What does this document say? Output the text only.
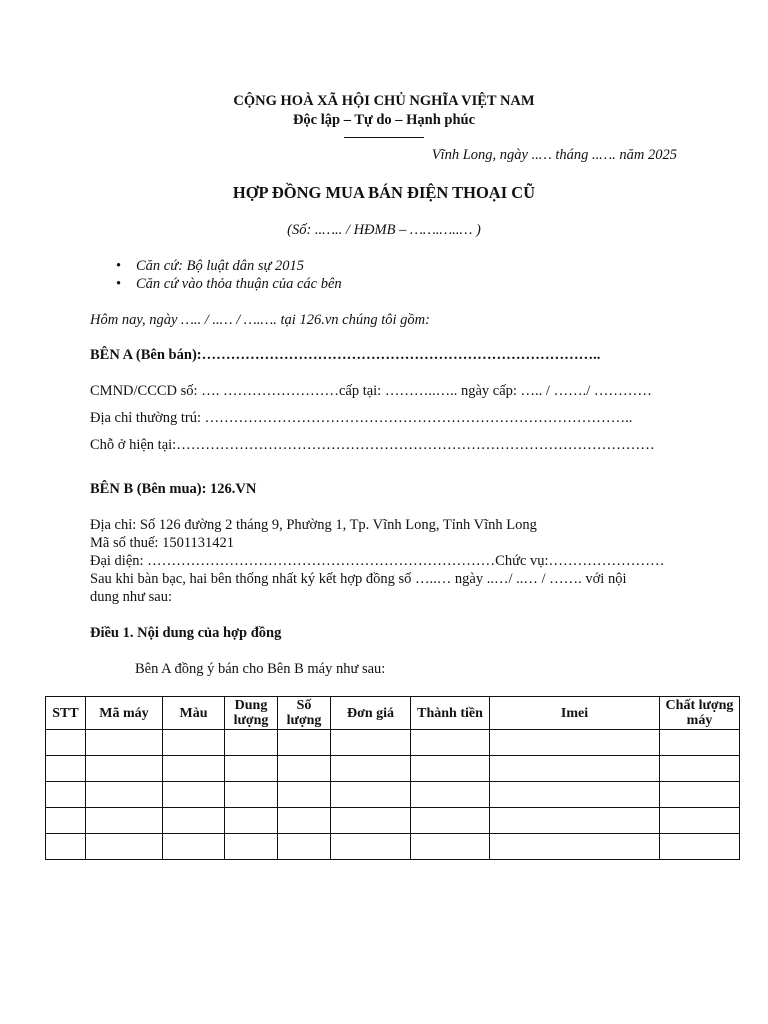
CỘNG HOÀ XÃ HỘI CHỦ NGHĨA VIỆT NAM
Độc lập – Tự do – Hạnh phúc
Vĩnh Long, ngày ..… tháng ..…. năm 2025
HỢP ĐỒNG MUA BÁN ĐIỆN THOẠI CŨ
(Số: ..….. / HĐMB – …….…..… )
• Căn cứ: Bộ luật dân sự 2015
• Căn cứ vào thỏa thuận của các bên
Hôm nay, ngày ….. / ..… / ….…. tại 126.vn chúng tôi gồm:
BÊN A (Bên bán):………………………………………………………………………..
CMND/CCCD số: …. ……………………cấp tại: ………..….. ngày cấp: ….. / ……./ …………
Địa chỉ thường trú: ……………………………………………………………………………..
Chỗ ở hiện tại:………………………………………………………………………………………
BÊN B (Bên mua): 126.VN
Địa chỉ: Số 126 đường 2 tháng 9, Phường 1, Tp. Vĩnh Long, Tỉnh Vĩnh Long
Mã số thuế: 1501131421
Đại diện: ………………………………………………………………Chức vụ:……………………
Sau khi bàn bạc, hai bên thống nhất ký kết hợp đồng số …..… ngày ..…/ ..… / ……. với nội
dung như sau:
Điều 1. Nội dung của hợp đồng
Bên A đồng ý bán cho Bên B máy như sau:
STT	Mã máy	Màu	Dung lượng	Số lượng	Đơn giá	Thành tiền	Imei	Chất lượng máy
